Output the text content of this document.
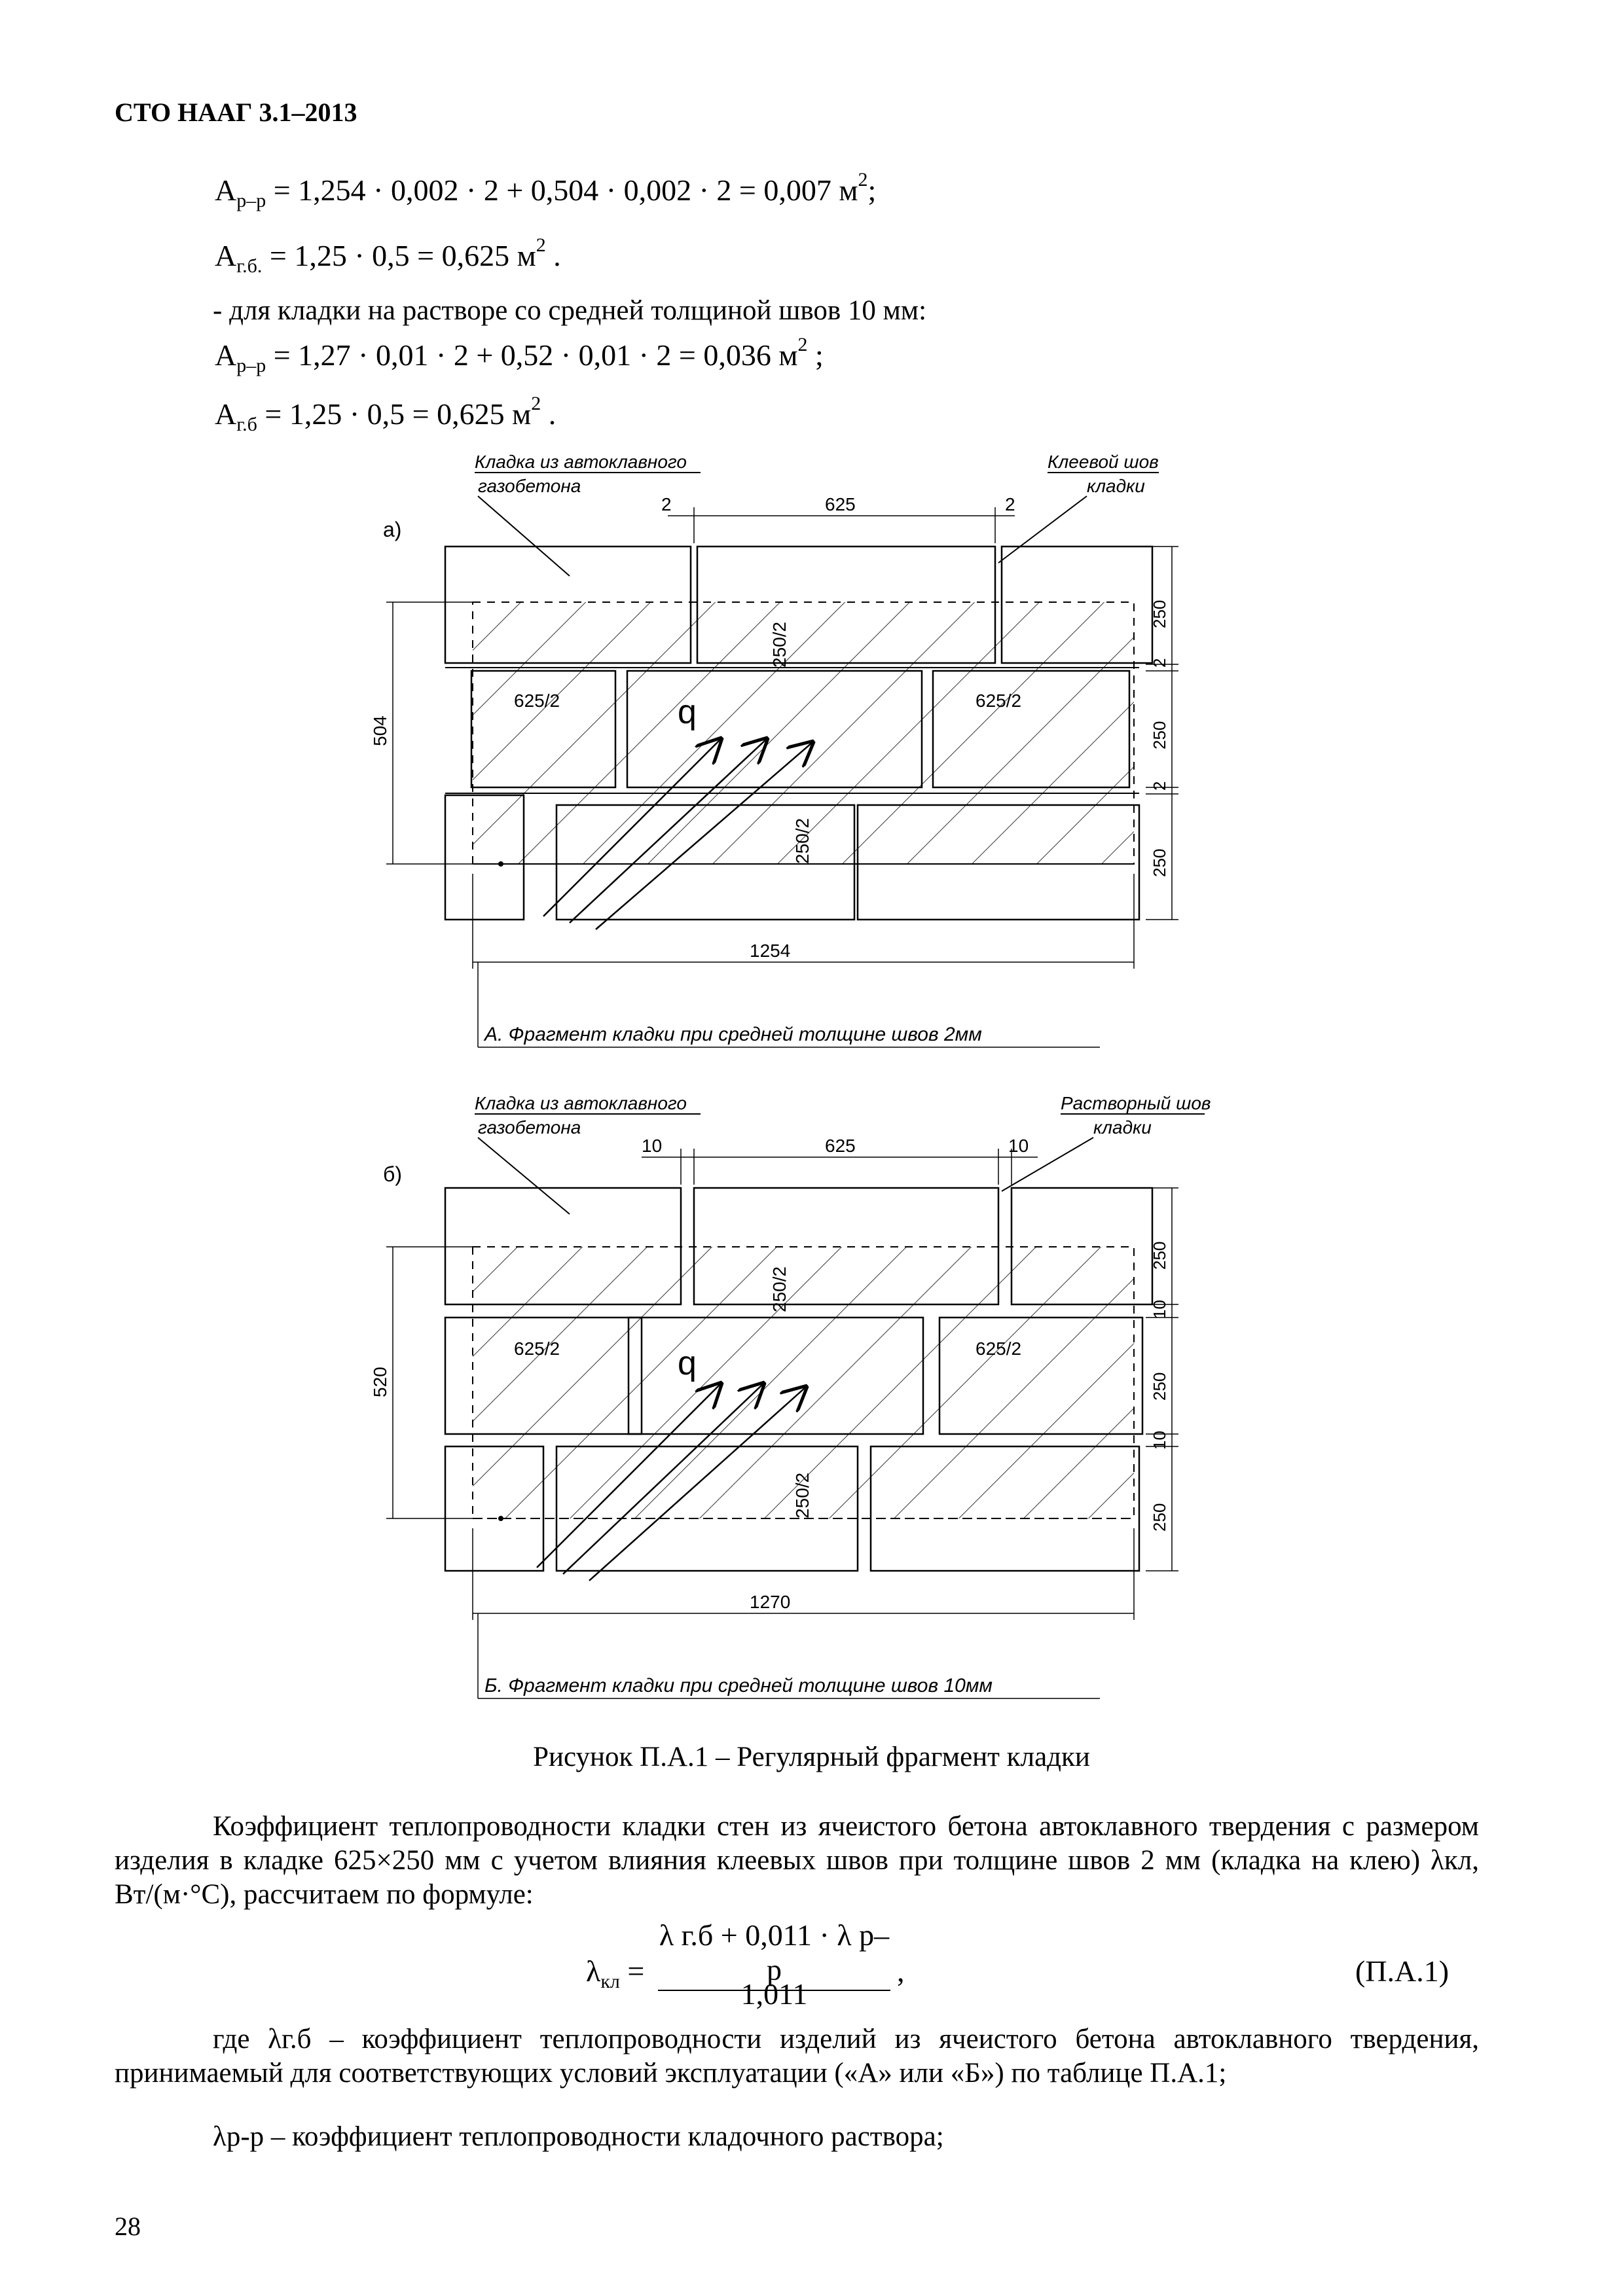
СТО НААГ 3.1–2013
$A_{р-р} = 1,254 \cdot 0,002 \cdot 2 + 0,504 \cdot 0,002 \cdot 2 = 0,007$ $м^2$;
$A_{г.б.} = 1,25 \cdot 0,5 = 0,625$ $м^2$ .
- для кладки на растворе со средней толщиной швов 10 мм:
$A_{р-р} = 1,27 \cdot 0,01 \cdot 2 + 0,52 \cdot 0,01 \cdot 2 = 0,036$ $м^2$ ;
$A_{г.б} = 1,25 \cdot 0,5 = 0,625$ $м^2$ .
Кладка из автоклавного
газобетона
Клеевой шов
кладки
а)
2	625	2
625/2	625/2
250/2
250/2
q
504
250
2
250
2
250
1254
А. Фрагмент кладки при средней толщине швов 2мм
Кладка из автоклавного
газобетона
Растворный шов
кладки
б)
10	625	10
625/2	625/2
250/2
250/2
q
520
250
10
250
10
250
1270
Б. Фрагмент кладки при средней толщине швов 10мм
Рисунок П.А.1 – Регулярный фрагмент кладки
Коэффициент теплопроводности кладки стен из ячеистого бетона автоклавного твердения с размером изделия в кладке 625×250 мм с учетом влияния клеевых швов при толщине швов 2 мм (кладка на клею) λкл, Вт/(м·°С), рассчитаем по формуле:
$\lambda_{кл}$ =
λ г.б + 0,011 · λ р–р
1,011
,	(П.А.1)
где λг.б – коэффициент теплопроводности изделий из ячеистого бетона автоклавного твердения, принимаемый для соответствующих условий эксплуатации («А» или «Б») по таблице П.А.1;
λр-р – коэффициент теплопроводности кладочного раствора;
28
